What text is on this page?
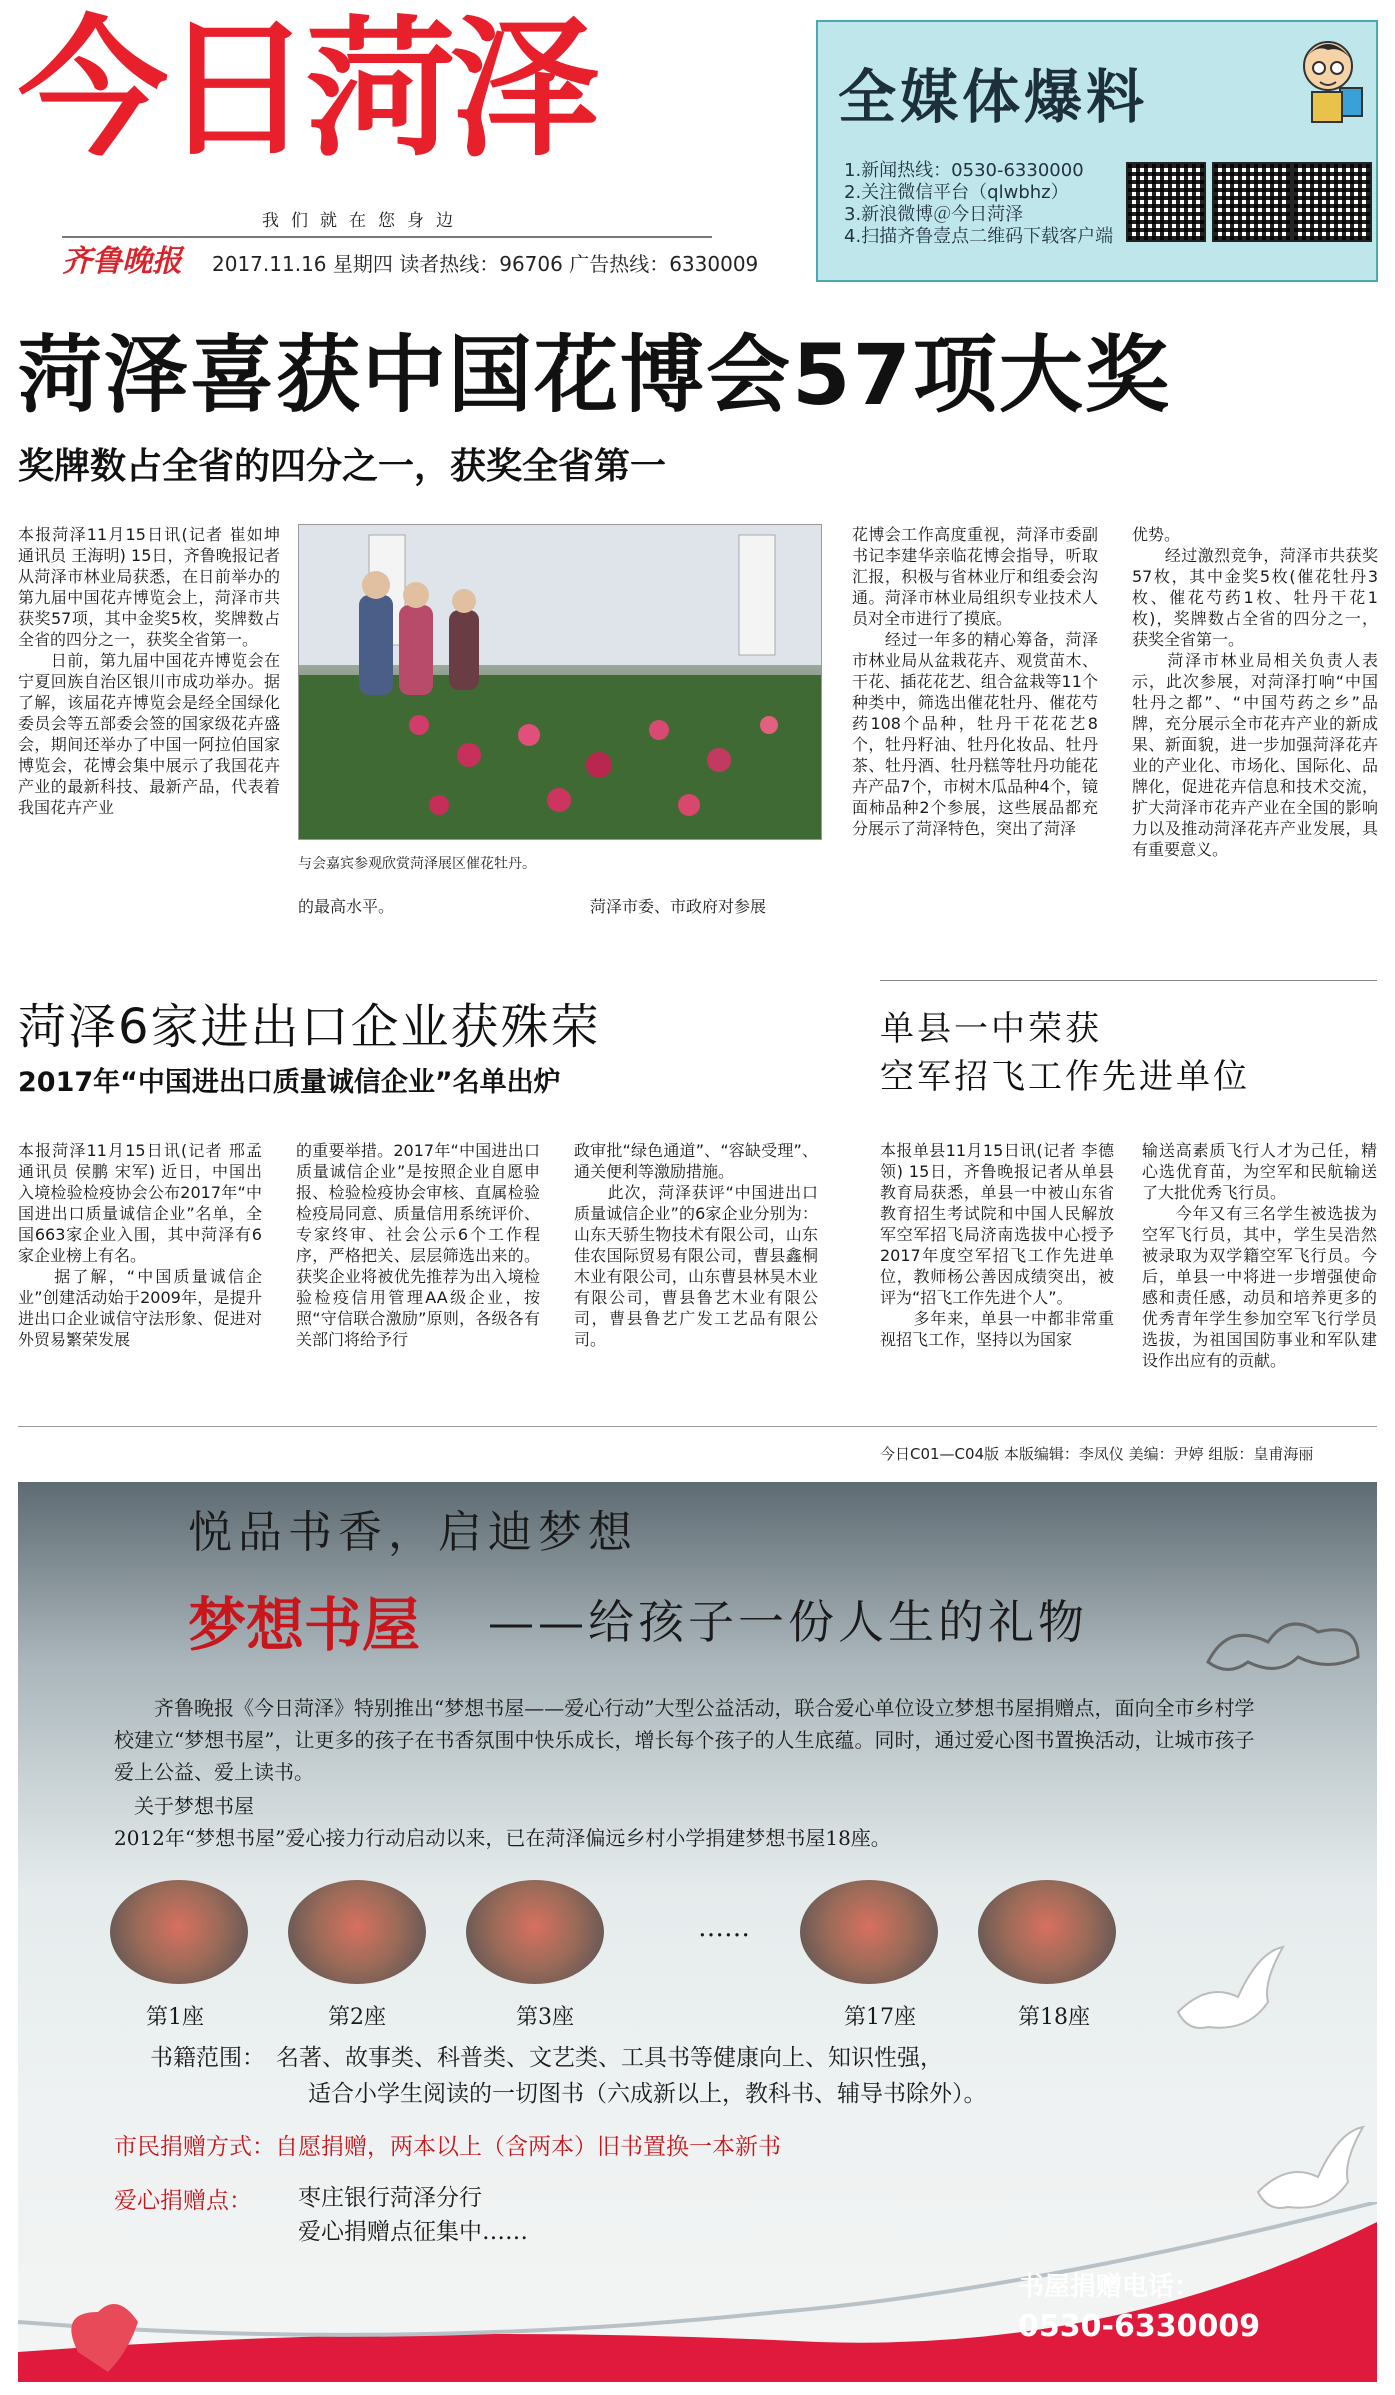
今日菏泽
我们就在您身边
齐鲁晚报 2017.11.16 星期四 读者热线：96706 广告热线：6330009
全媒体爆料
1.新闻热线：0530-6330000
2.关注微信平台（qlwbhz）
3.新浪微博＠今日菏泽
4.扫描齐鲁壹点二维码下载客户端
菏泽喜获中国花博会57项大奖
奖牌数占全省的四分之一，获奖全省第一
本报菏泽11月15日讯(记者 崔如坤 通讯员 王海明) 15日，齐鲁晚报记者从菏泽市林业局获悉，在日前举办的第九届中国花卉博览会上，菏泽市共获奖57项，其中金奖5枚，奖牌数占全省的四分之一，获奖全省第一。
　　日前，第九届中国花卉博览会在宁夏回族自治区银川市成功举办。据了解，该届花卉博览会是经全国绿化委员会等五部委会签的国家级花卉盛会，期间还举办了中国一阿拉伯国家博览会，花博会集中展示了我国花卉产业的最新科技、最新产品，代表着我国花卉产业
与会嘉宾参观欣赏菏泽展区催花牡丹。
的最高水平。	菏泽市委、市政府对参展
花博会工作高度重视，菏泽市委副书记李建华亲临花博会指导，听取汇报，积极与省林业厅和组委会沟通。菏泽市林业局组织专业技术人员对全市进行了摸底。
　　经过一年多的精心筹备，菏泽市林业局从盆栽花卉、观赏苗木、干花、插花花艺、组合盆栽等11个种类中，筛选出催花牡丹、催花芍药108个品种，牡丹干花花艺8个，牡丹籽油、牡丹化妆品、牡丹茶、牡丹酒、牡丹糕等牡丹功能花卉产品7个，市树木瓜品种4个，镜面柿品种2个参展，这些展品都充分展示了菏泽特色，突出了菏泽
优势。
　　经过激烈竞争，菏泽市共获奖57枚，其中金奖5枚(催花牡丹3枚、催花芍药1枚、牡丹干花1枚)，奖牌数占全省的四分之一，获奖全省第一。
　　菏泽市林业局相关负责人表示，此次参展，对菏泽打响“中国牡丹之都”、“中国芍药之乡”品牌，充分展示全市花卉产业的新成果、新面貌，进一步加强菏泽花卉业的产业化、市场化、国际化、品牌化，促进花卉信息和技术交流，扩大菏泽市花卉产业在全国的影响力以及推动菏泽花卉产业发展，具有重要意义。
菏泽6家进出口企业获殊荣
2017年“中国进出口质量诚信企业”名单出炉
本报菏泽11月15日讯(记者 邢孟 通讯员 侯鹏 宋军) 近日，中国出入境检验检疫协会公布2017年“中国进出口质量诚信企业”名单，全国663家企业入围，其中菏泽有6家企业榜上有名。
　　据了解，“中国质量诚信企业”创建活动始于2009年，是提升进出口企业诚信守法形象、促进对外贸易繁荣发展
的重要举措。2017年“中国进出口质量诚信企业”是按照企业自愿申报、检验检疫协会审核、直属检验检疫局同意、质量信用系统评价、专家终审、社会公示6个工作程序，严格把关、层层筛选出来的。获奖企业将被优先推荐为出入境检验检疫信用管理AA级企业，按照“守信联合激励”原则，各级各有关部门将给予行
政审批“绿色通道”、“容缺受理”、通关便利等激励措施。
　　此次，菏泽获评“中国进出口质量诚信企业”的6家企业分别为：山东天骄生物技术有限公司，山东佳农国际贸易有限公司，曹县鑫桐木业有限公司，山东曹县林昊木业有限公司，曹县鲁艺木业有限公司，曹县鲁艺广发工艺品有限公司。
单县一中荣获
空军招飞工作先进单位
本报单县11月15日讯(记者 李德领) 15日，齐鲁晚报记者从单县教育局获悉，单县一中被山东省教育招生考试院和中国人民解放军空军招飞局济南选拔中心授予2017年度空军招飞工作先进单位，教师杨公善因成绩突出，被评为“招飞工作先进个人”。
　　多年来，单县一中都非常重视招飞工作，坚持以为国家
输送高素质飞行人才为己任，精心选优育苗，为空军和民航输送了大批优秀飞行员。
　　今年又有三名学生被选拔为空军飞行员，其中，学生吴浩然被录取为双学籍空军飞行员。今后，单县一中将进一步增强使命感和责任感，动员和培养更多的优秀青年学生参加空军飞行学员选拔，为祖国国防事业和军队建设作出应有的贡献。
今日C01—C04版 本版编辑：李凤仪 美编：尹婷 组版：皇甫海丽
悦品书香，启迪梦想
梦想书屋 ——给孩子一份人生的礼物
齐鲁晚报《今日菏泽》特别推出“梦想书屋——爱心行动”大型公益活动，联合爱心单位设立梦想书屋捐赠点，面向全市乡村学校建立“梦想书屋”，让更多的孩子在书香氛围中快乐成长，增长每个孩子的人生底蕴。同时，通过爱心图书置换活动，让城市孩子爱上公益、爱上读书。
关于梦想书屋
2012年“梦想书屋”爱心接力行动启动以来，已在菏泽偏远乡村小学捐建梦想书屋18座。
……
第1座	第2座	第3座	第17座	第18座
书籍范围： 名著、故事类、科普类、文艺类、工具书等健康向上、知识性强，
适合小学生阅读的一切图书（六成新以上，教科书、辅导书除外）。
市民捐赠方式：自愿捐赠，两本以上（含两本）旧书置换一本新书
爱心捐赠点： 枣庄银行菏泽分行
爱心捐赠点征集中……
书屋捐赠电话：
0530-6330009
